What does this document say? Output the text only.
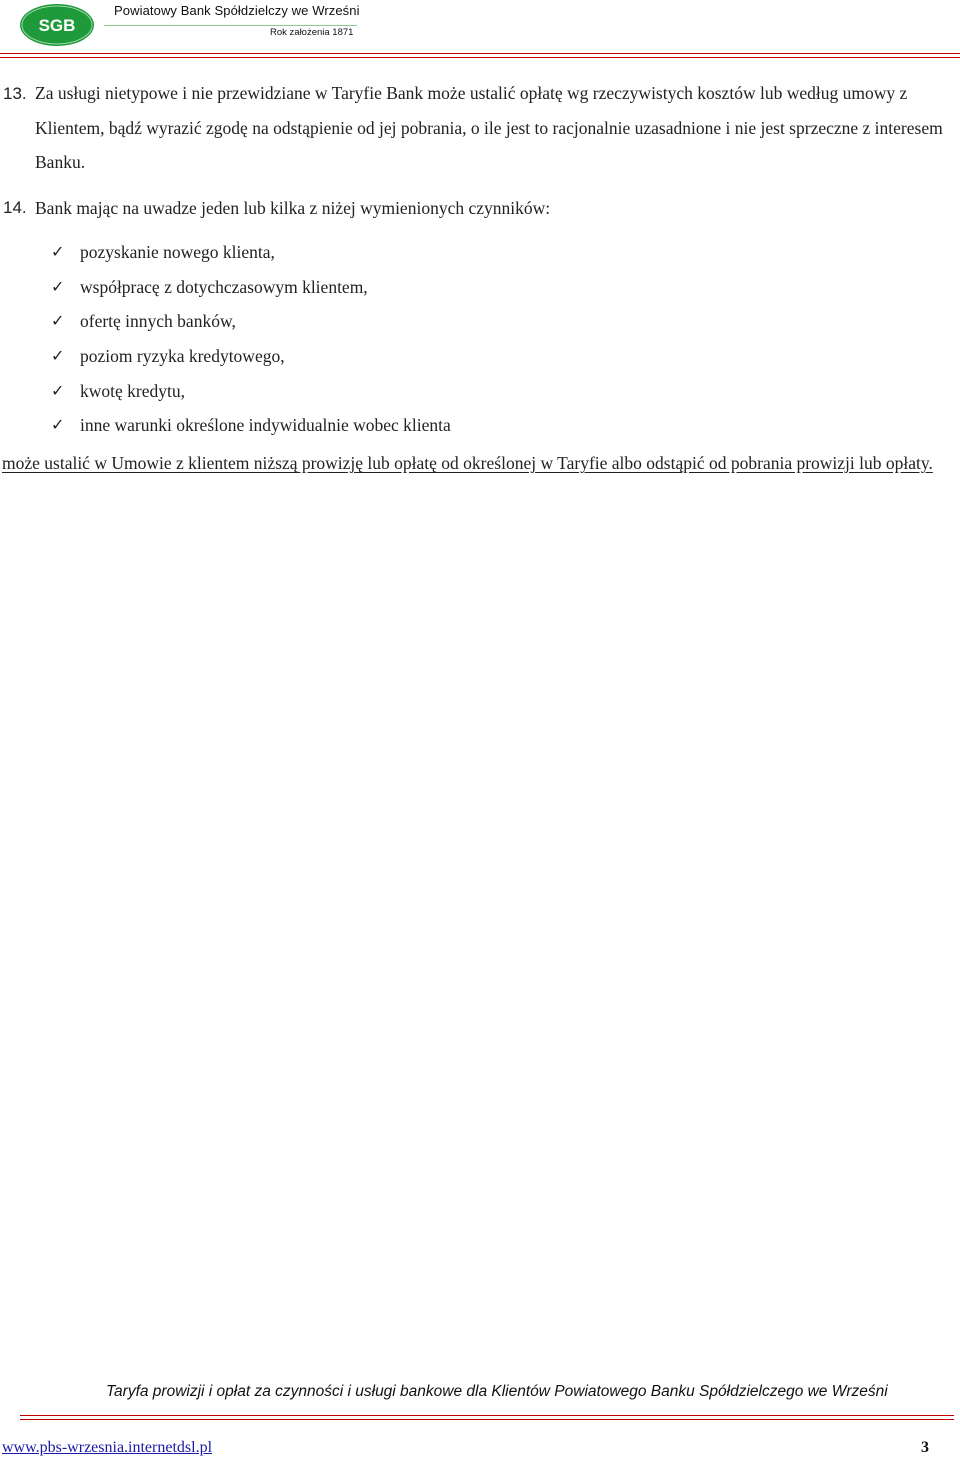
SGB
Powiatowy Bank Spółdzielczy we Wrześni
Rok założenia 1871
13. Za usługi nietypowe i nie przewidziane w Taryfie Bank może ustalić opłatę wg rzeczywistych kosztów lub według umowy z Klientem, bądź wyrazić zgodę na odstąpienie od jej pobrania, o ile jest to racjonalnie uzasadnione i nie jest sprzeczne z interesem Banku.
14. Bank mając na uwadze jeden lub kilka z niżej wymienionych czynników:
✓ pozyskanie nowego klienta,
✓ współpracę z dotychczasowym klientem,
✓ ofertę innych banków,
✓ poziom ryzyka kredytowego,
✓ kwotę kredytu,
✓ inne warunki określone indywidualnie wobec klienta
może ustalić w Umowie z klientem niższą prowizję lub opłatę od określonej w Taryfie albo odstąpić od pobrania prowizji lub opłaty.
Taryfa prowizji i opłat za czynności i usługi bankowe dla Klientów Powiatowego Banku Spółdzielczego we Wrześni
www.pbs-wrzesnia.internetdsl.pl	3
